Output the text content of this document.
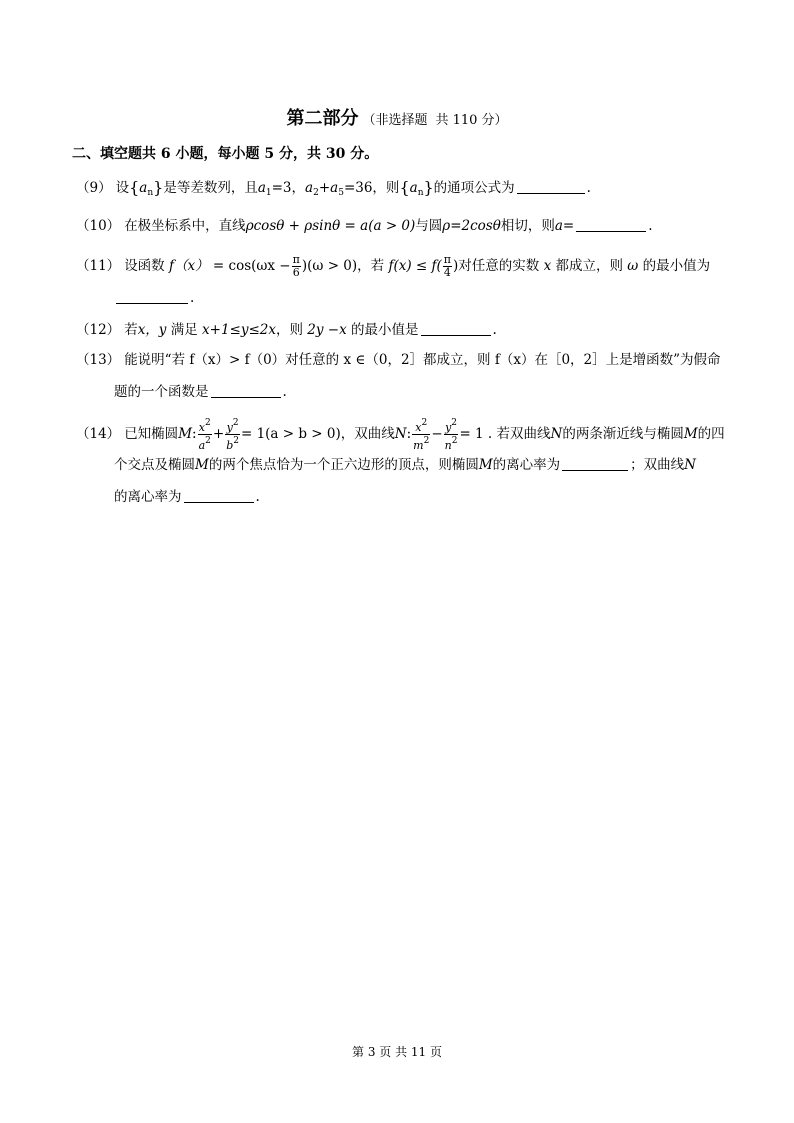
第二部分 （非选择题 共 110 分）
二、填空题共 6 小题，每小题 5 分，共 30 分。
（9） 设$\{a_n\}$是等差数列，且$a_1=3$，$a_2+a_5=36$，则$\{a_n\}$的通项公式为	.
（10） 在极坐标系中，直线ρcosθ + ρsinθ = a(a > 0)与圆ρ=2cosθ相切，则a=	.
（11） 设函数 $f(x) = \cos(\omega x - \frac{\pi}{6} )(\omega > 0)$，若 $f(x) \le f( \frac{\pi}{4}$ )对任意的实数 x 都成立，则 ω 的最小值为
.
（12） 若x，y 满足 x+1≤y≤2x，则 2y −x 的最小值是	.
（13） 能说明“若 f（x）> f（0）对任意的 x ∈（0，2］都成立，则 f（x）在［0，2］上是增函数”为假命
题的一个函数是	.
（14） 已知椭圆M: $\frac{x^2}{a^2} + \frac{y^2}{b^2} = 1(a > b > 0)$，双曲线N: $\frac{x^2}{m^2} - \frac{y^2}{n^2} = 1$ . 若双曲线N的两条渐近线与椭圆M的四
个交点及椭圆M的两个焦点恰为一个正六边形的顶点，则椭圆M的离心率为	；双曲线N
的离心率为	.
第 3 页 共 11 页
